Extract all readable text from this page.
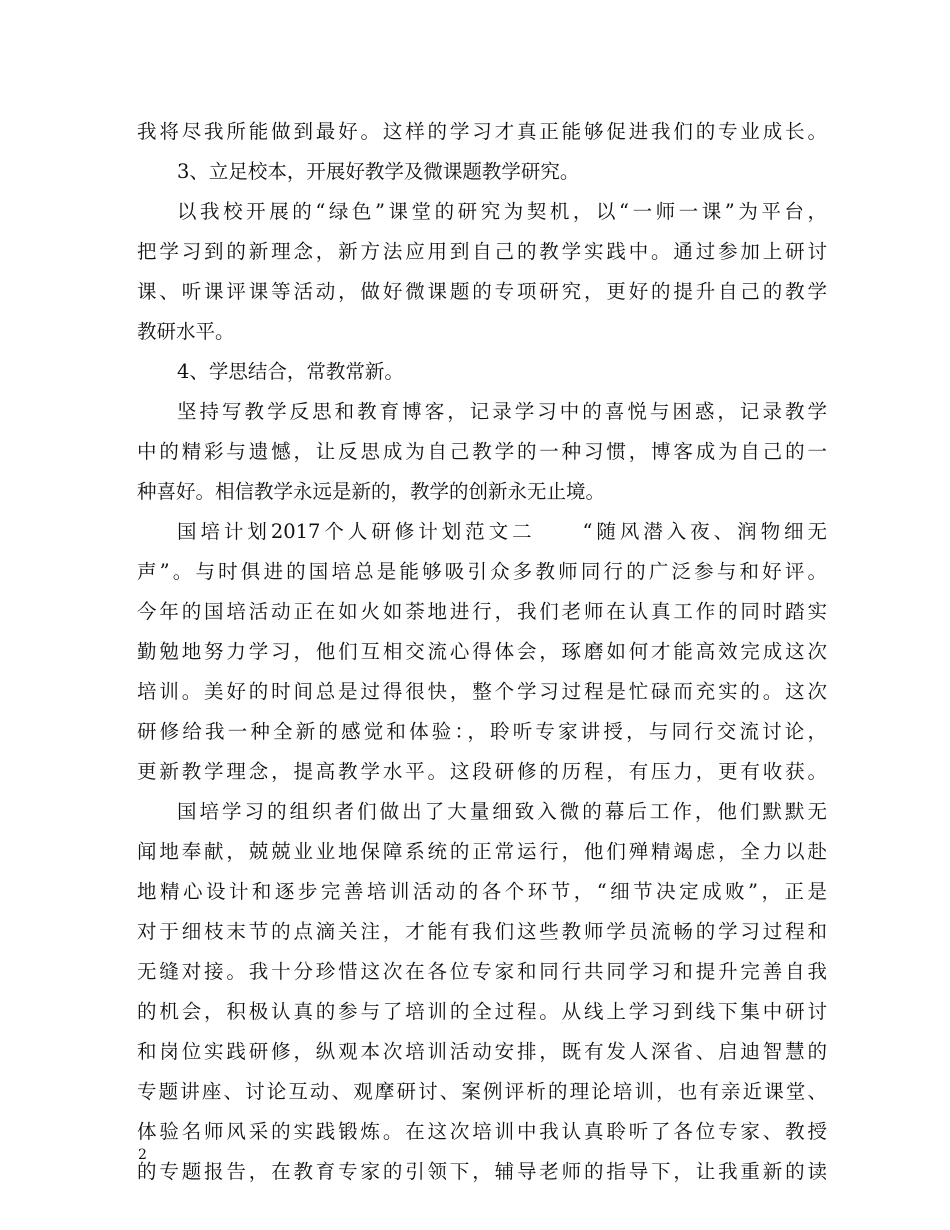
我将尽我所能做到最好。这样的学习才真正能够促进我们的专业成长。
3、立足校本，开展好教学及微课题教学研究。
以我校开展的“绿色”课堂的研究为契机，以“一师一课”为平台，
把学习到的新理念，新方法应用到自己的教学实践中。通过参加上研讨
课、听课评课等活动，做好微课题的专项研究，更好的提升自己的教学
教研水平。
4、学思结合，常教常新。
坚持写教学反思和教育博客，记录学习中的喜悦与困惑，记录教学
中的精彩与遗憾，让反思成为自己教学的一种习惯，博客成为自己的一
种喜好。相信教学永远是新的，教学的创新永无止境。
国培计划2017个人研修计划范文二　　“随风潜入夜、润物细无
声”。与时俱进的国培总是能够吸引众多教师同行的广泛参与和好评。
今年的国培活动正在如火如荼地进行，我们老师在认真工作的同时踏实
勤勉地努力学习，他们互相交流心得体会，琢磨如何才能高效完成这次
培训。美好的时间总是过得很快，整个学习过程是忙碌而充实的。这次
研修给我一种全新的感觉和体验：，聆听专家讲授，与同行交流讨论，
更新教学理念，提高教学水平。这段研修的历程，有压力，更有收获。
国培学习的组织者们做出了大量细致入微的幕后工作，他们默默无
闻地奉献，兢兢业业地保障系统的正常运行，他们殚精竭虑，全力以赴
地精心设计和逐步完善培训活动的各个环节，“细节决定成败”，正是
对于细枝末节的点滴关注，才能有我们这些教师学员流畅的学习过程和
无缝对接。我十分珍惜这次在各位专家和同行共同学习和提升完善自我
的机会，积极认真的参与了培训的全过程。从线上学习到线下集中研讨
和岗位实践研修，纵观本次培训活动安排，既有发人深省、启迪智慧的
专题讲座、讨论互动、观摩研讨、案例评析的理论培训，也有亲近课堂、
体验名师风采的实践锻炼。在这次培训中我认真聆听了各位专家、教授
的专题报告，在教育专家的引领下，辅导老师的指导下，让我重新的读
2
